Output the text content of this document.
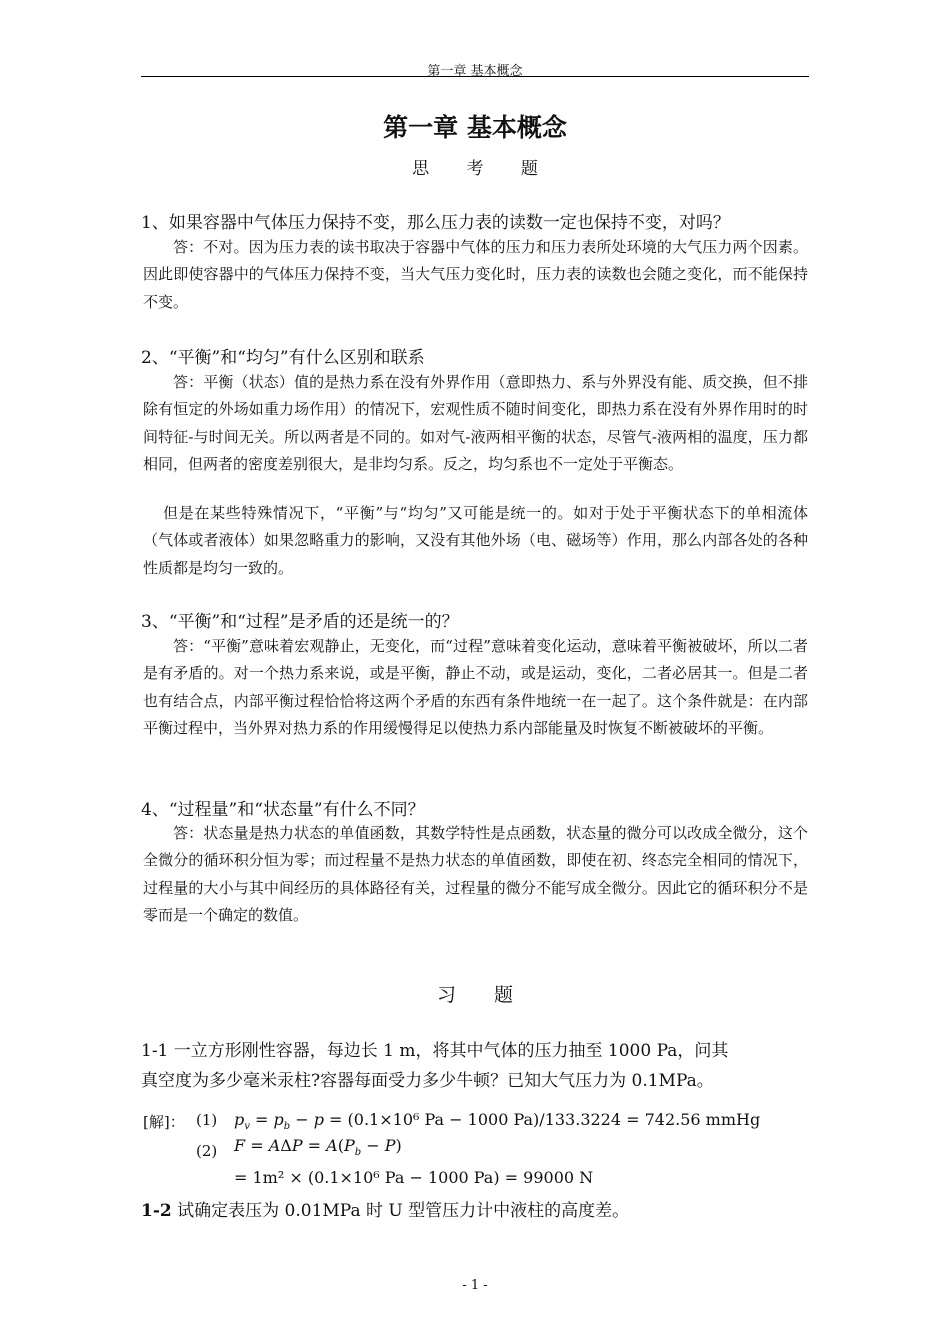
第一章 基本概念
第一章 基本概念
思 考 题
1、如果容器中气体压力保持不变，那么压力表的读数一定也保持不变，对吗？

答：不对。因为压力表的读书取决于容器中气体的压力和压力表所处环境的大气压力两个因素。因此即使容器中的气体压力保持不变，当大气压力变化时，压力表的读数也会随之变化，而不能保持不变。

2、“平衡”和“均匀”有什么区别和联系

答：平衡（状态）值的是热力系在没有外界作用（意即热力、系与外界没有能、质交换，但不排除有恒定的外场如重力场作用）的情况下，宏观性质不随时间变化，即热力系在没有外界作用时的时间特征-与时间无关。所以两者是不同的。如对气-液两相平衡的状态，尽管气-液两相的温度，压力都相同，但两者的密度差别很大，是非均匀系。反之，均匀系也不一定处于平衡态。

但是在某些特殊情况下，“平衡”与“均匀”又可能是统一的。如对于处于平衡状态下的单相流体（气体或者液体）如果忽略重力的影响，又没有其他外场（电、磁场等）作用，那么内部各处的各种性质都是均匀一致的。

3、“平衡”和“过程”是矛盾的还是统一的？

答：“平衡”意味着宏观静止，无变化，而“过程”意味着变化运动，意味着平衡被破坏，所以二者是有矛盾的。对一个热力系来说，或是平衡，静止不动，或是运动，变化，二者必居其一。但是二者也有结合点，内部平衡过程恰恰将这两个矛盾的东西有条件地统一在一起了。这个条件就是：在内部平衡过程中，当外界对热力系的作用缓慢得足以使热力系内部能量及时恢复不断被破坏的平衡。

4、“过程量”和“状态量”有什么不同？

答：状态量是热力状态的单值函数，其数学特性是点函数，状态量的微分可以改成全微分，这个全微分的循环积分恒为零；而过程量不是热力状态的单值函数，即使在初、终态完全相同的情况下，过程量的大小与其中间经历的具体路径有关，过程量的微分不能写成全微分。因此它的循环积分不是零而是一个确定的数值。

习 题
1-1 一立方形刚性容器，每边长 1 m，将其中气体的压力抽至 1000 Pa，问其
真空度为多少毫米汞柱?容器每面受力多少牛顿？已知大气压力为 0.1MPa。
[解]： (1) $p_v = p_b - p = (0.1\times 10^6$ Pa − 1000 Pa)/133.3224 = 742.56 mmHg
(2) $F = A\Delta P = A(P_b - P)$
= 1m² × (0.1×10⁶ Pa − 1000 Pa) = 99000 N
1-2 试确定表压为 0.01MPa 时 U 型管压力计中液柱的高度差。
- 1 -
